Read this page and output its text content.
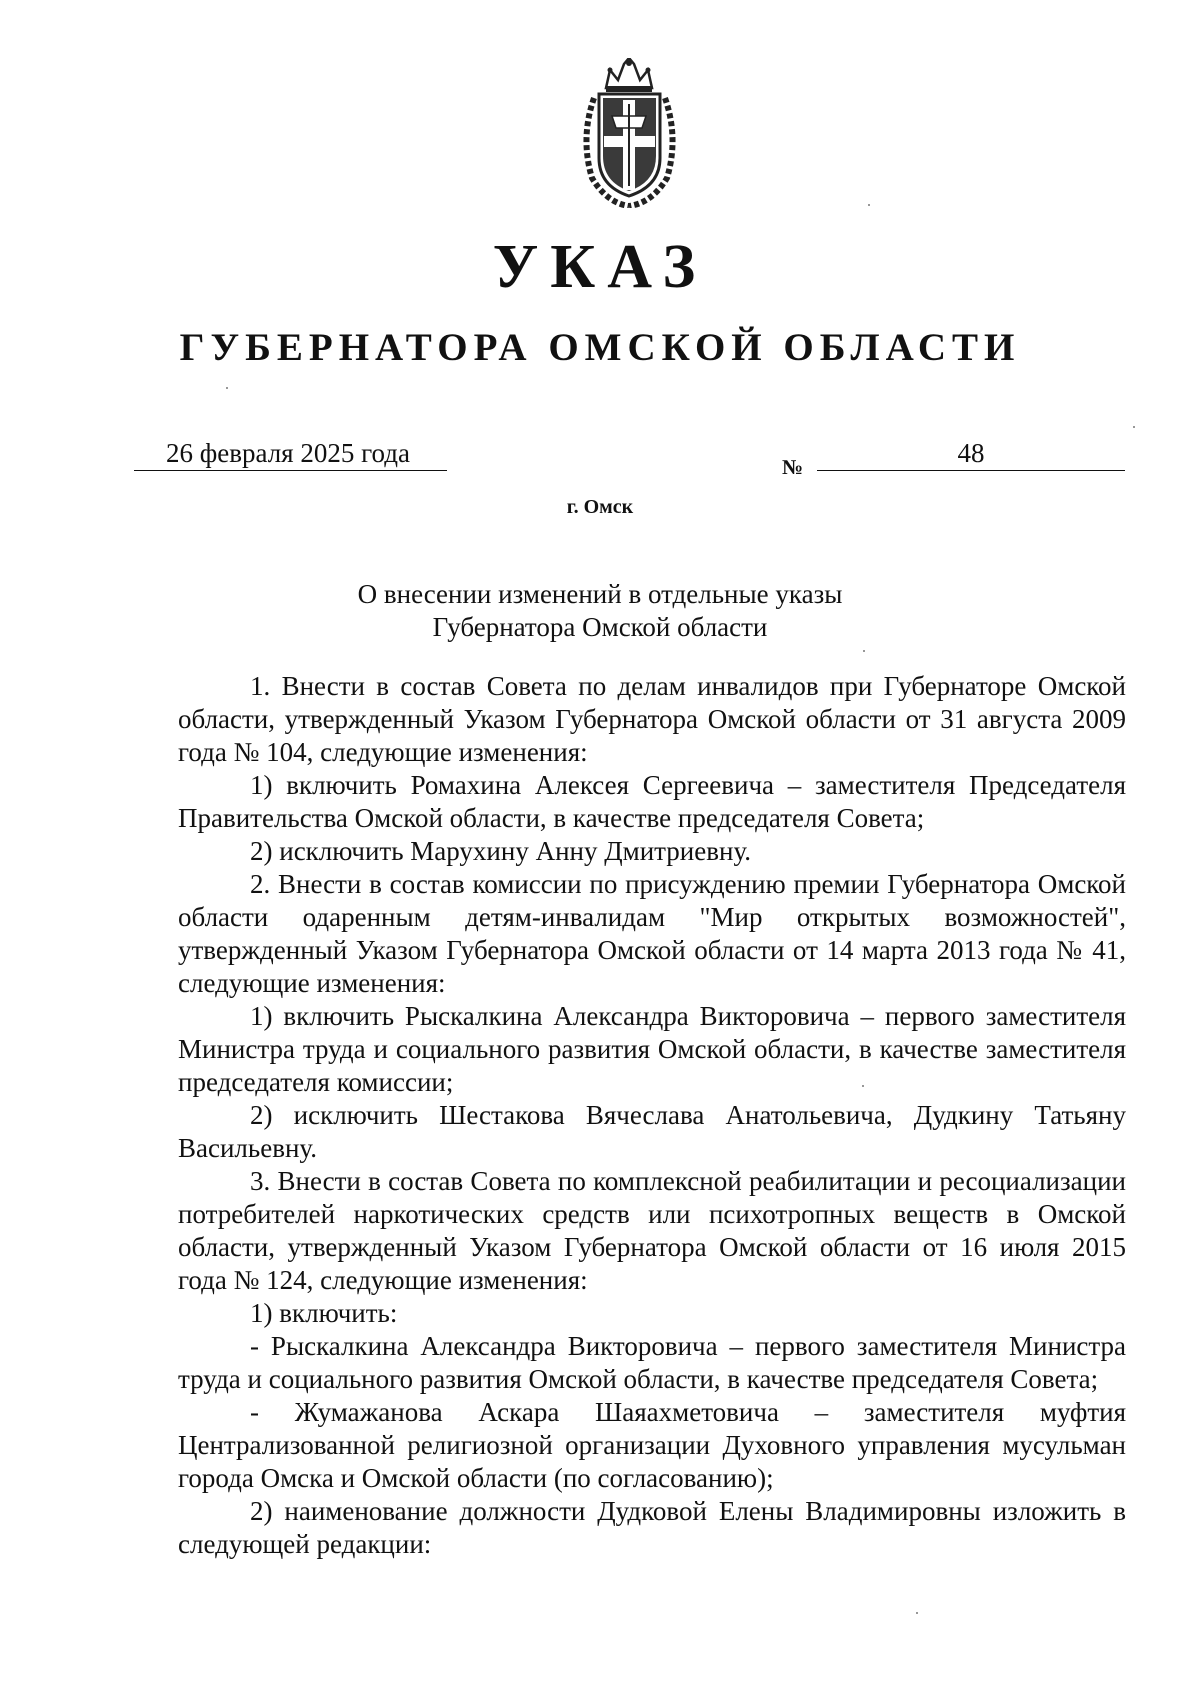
УКАЗ
ГУБЕРНАТОРА ОМСКОЙ ОБЛАСТИ
26 февраля 2025 года	№	48
г. Омск
О внесении изменений в отдельные указы
Губернатора Омской области

1. Внести в состав Совета по делам инвалидов при Губернаторе Омской области, утвержденный Указом Губернатора Омской области от 31 августа 2009 года № 104, следующие изменения:

1) включить Ромахина Алексея Сергеевича – заместителя Председателя Правительства Омской области, в качестве председателя Совета;

2) исключить Марухину Анну Дмитриевну.

2. Внести в состав комиссии по присуждению премии Губернатора Омской области одаренным детям-инвалидам "Мир открытых возможностей", утвержденный Указом Губернатора Омской области от 14 марта 2013 года № 41, следующие изменения:

1) включить Рыскалкина Александра Викторовича – первого заместителя Министра труда и социального развития Омской области, в качестве заместителя председателя комиссии;

2) исключить Шестакова Вячеслава Анатольевича, Дудкину Татьяну Васильевну.

3. Внести в состав Совета по комплексной реабилитации и ресоциализации потребителей наркотических средств или психотропных веществ в Омской области, утвержденный Указом Губернатора Омской области от 16 июля 2015 года № 124, следующие изменения:

1) включить:

- Рыскалкина Александра Викторовича – первого заместителя Министра труда и социального развития Омской области, в качестве председателя Совета;

- Жумажанова Аскара Шаяахметовича – заместителя муфтия Централизованной религиозной организации Духовного управления мусульман города Омска и Омской области (по согласованию);

2) наименование должности Дудковой Елены Владимировны изложить в следующей редакции:
